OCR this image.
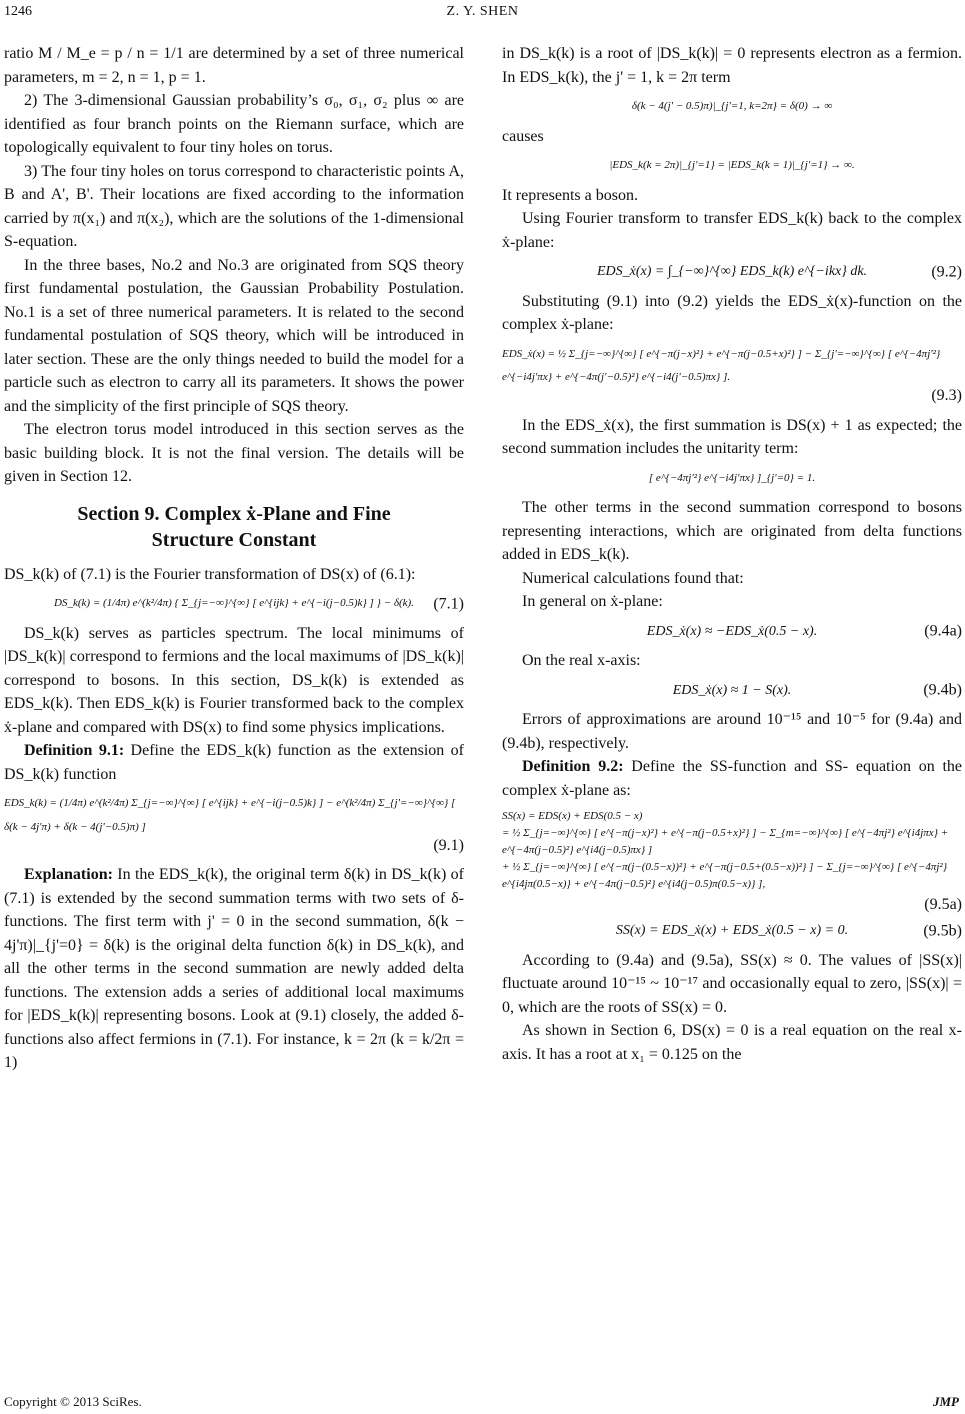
1246	Z. Y. SHEN

ratio M / M_e = p / n = 1/1 are determined by a set of three numerical parameters, m = 2, n = 1, p = 1.

2) The 3-dimensional Gaussian probability’s σ₀, σ₁, σ₂ plus ∞ are identified as four branch points on the Riemann surface, which are topologically equivalent to four tiny holes on torus.

3) The four tiny holes on torus correspond to characteristic points A, B and A', B'. Their locations are fixed according to the information carried by π(x₁) and π(x₂), which are the solutions of the 1-dimensional S-equation.

In the three bases, No.2 and No.3 are originated from SQS theory first fundamental postulation, the Gaussian Probability Postulation. No.1 is a set of three numerical parameters. It is related to the second fundamental postulation of SQS theory, which will be introduced in later section. These are the only things needed to build the model for a particle such as electron to carry all its parameters. It shows the power and the simplicity of the first principle of SQS theory.

The electron torus model introduced in this section serves as the basic building block. It is not the final version. The details will be given in Section 12.

Section 9. Complex ẋ-Plane and Fine
Structure Constant

DS_k(k) of (7.1) is the Fourier transformation of DS(x) of (6.1):

DS_k(k) = (1/4π) e^(k²/4π) { Σ_{j=−∞}^{∞} [ e^{ijk} + e^{−i(j−0.5)k} ] } − δ(k). (7.1)

DS_k(k) serves as particles spectrum. The local minimums of |DS_k(k)| correspond to fermions and the local maximums of |DS_k(k)| correspond to bosons. In this section, DS_k(k) is extended as EDS_k(k). Then EDS_k(k) is Fourier transformed back to the complex ẋ-plane and compared with DS(x) to find some physics implications.

Definition 9.1: Define the EDS_k(k) function as the extension of DS_k(k) function

EDS_k(k) = (1/4π) e^(k²/4π) Σ_{j=−∞}^{∞} [ e^{ijk} + e^{−i(j−0.5)k} ] − e^(k²/4π) Σ_{j'=−∞}^{∞} [ δ(k − 4j'π) + δ(k − 4(j'−0.5)π) ]
(9.1)

Explanation: In the EDS_k(k), the original term δ(k) in DS_k(k) of (7.1) is extended by the second summation terms with two sets of δ-functions. The first term with j' = 0 in the second summation, δ(k − 4j'π)|_{j'=0} = δ(k) is the original delta function δ(k) in DS_k(k), and all the other terms in the second summation are newly added delta functions. The extension adds a series of additional local maximums for |EDS_k(k)| representing bosons. Look at (9.1) closely, the added δ-functions also affect fermions in (7.1). For instance, k = 2π (k = k/2π = 1)

in DS_k(k) is a root of |DS_k(k)| = 0 represents electron as a fermion. In EDS_k(k), the j' = 1, k = 2π term

δ(k − 4(j' − 0.5)π)|_{j'=1, k=2π} = δ(0) → ∞

causes

|EDS_k(k = 2π)|_{j'=1} = |EDS_k(k = 1)|_{j'=1} → ∞.

It represents a boson.

Using Fourier transform to transfer EDS_k(k) back to the complex ẋ-plane:

EDS_ẋ(x) = ∫_{−∞}^{∞} EDS_k(k) e^{−ikx} dk.	(9.2)

Substituting (9.1) into (9.2) yields the EDS_ẋ(x)-function on the complex ẋ-plane:

EDS_ẋ(x) = ½ Σ_{j=−∞}^{∞} [ e^{−π(j−x)²} + e^{−π(j−0.5+x)²} ] − Σ_{j'=−∞}^{∞} [ e^{−4πj'²} e^{−i4j'πx} + e^{−4π(j'−0.5)²} e^{−i4(j'−0.5)πx} ].
(9.3)

In the EDS_ẋ(x), the first summation is DS(x) + 1 as expected; the second summation includes the unitarity term:

[ e^{−4πj'²} e^{−i4j'πx} ]_{j'=0} = 1.

The other terms in the second summation correspond to bosons representing interactions, which are originated from delta functions added in EDS_k(k).

Numerical calculations found that:

In general on ẋ-plane:

EDS_ẋ(x) ≈ −EDS_ẋ(0.5 − x).	(9.4a)

On the real x-axis:

EDS_ẋ(x) ≈ 1 − S(x).	(9.4b)

Errors of approximations are around 10⁻¹⁵ and 10⁻⁵ for (9.4a) and (9.4b), respectively.

Definition 9.2: Define the SS-function and SS- equation on the complex ẋ-plane as:

SS(x) = EDS(x) + EDS(0.5 − x)
= ½ Σ_{j=−∞}^{∞} [ e^{−π(j−x)²} + e^{−π(j−0.5+x)²} ] − Σ_{m=−∞}^{∞} [ e^{−4πj²} e^{i4jπx} + e^{−4π(j−0.5)²} e^{i4(j−0.5)πx} ]
+ ½ Σ_{j=−∞}^{∞} [ e^{−π(j−(0.5−x))²} + e^{−π(j−0.5+(0.5−x))²} ] − Σ_{j=−∞}^{∞} [ e^{−4πj²} e^{i4jπ(0.5−x)} + e^{−4π(j−0.5)²} e^{i4(j−0.5)π(0.5−x)} ],
(9.5a)
SS(x) = EDS_ẋ(x) + EDS_ẋ(0.5 − x) = 0.	(9.5b)

According to (9.4a) and (9.5a), SS(x) ≈ 0. The values of |SS(x)| fluctuate around 10⁻¹⁵ ~ 10⁻¹⁷ and occasionally equal to zero, |SS(x)| = 0, which are the roots of SS(x) = 0.

As shown in Section 6, DS(x) = 0 is a real equation on the real x-axis. It has a root at x₁ = 0.125 on the

Copyright © 2013 SciRes.	JMP
